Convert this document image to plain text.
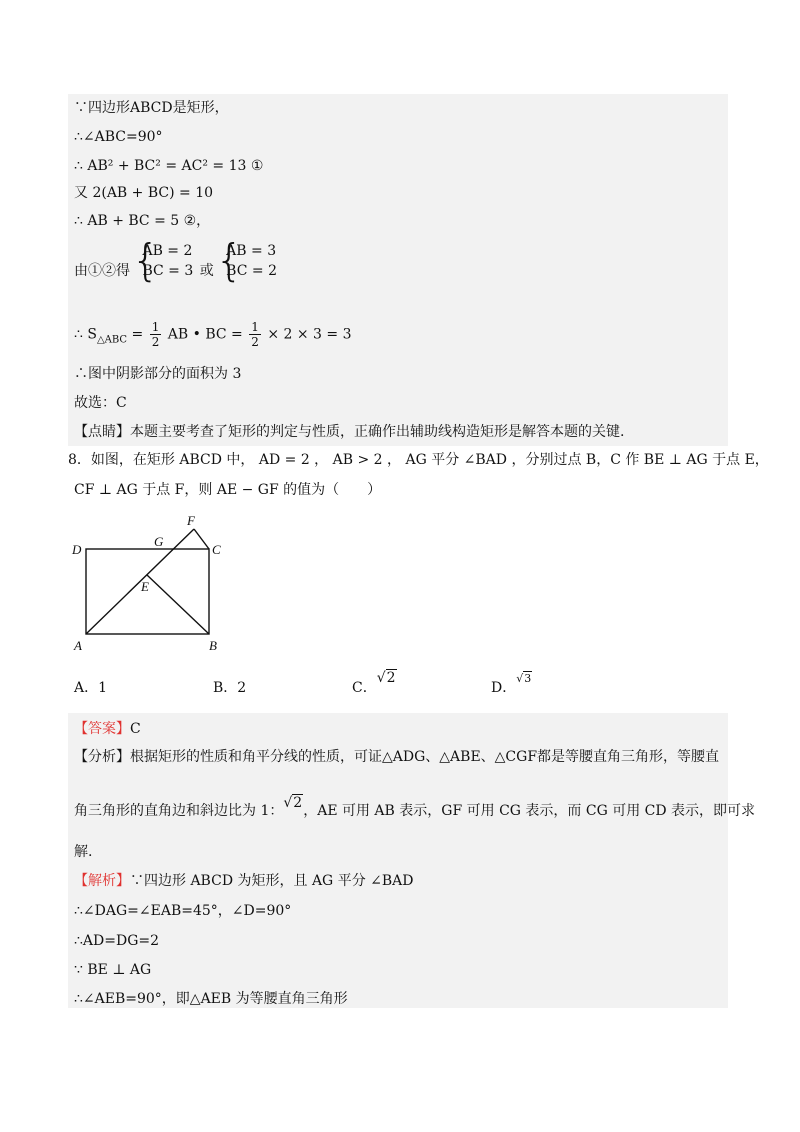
∵四边形ABCD是矩形，
∴∠ABC=90°
∴ AB² + BC² = AC² = 13 ①
又 2(AB + BC) = 10
∴ AB + BC = 5 ②，
由①②得 { AB = 2
BC = 3 或 { AB = 3
BC = 2
∴ $S_{\triangle ABC} = \frac{1}{2}$ AB • BC = $\frac{1}{2} \times 2 \times 3 = 3$
∴图中阴影部分的面积为 3
故选：C
【点睛】本题主要考查了矩形的判定与性质，正确作出辅助线构造矩形是解答本题的关键.
8．如图，在矩形 ABCD 中， AD = 2 ， AB > 2 ， AG 平分 ∠BAD ，分别过点 B，C 作 BE ⊥ AG 于点 E，
CF ⊥ AG 于点 F，则 AE − GF 的值为（　　）
D
G
C
F
E
A	B
A．1	B．2	C．√2
D．√3
【答案】C
【分析】根据矩形的性质和角平分线的性质，可证△ADG、△ABE、△CGF都是等腰直角三角形，等腰直
角三角形的直角边和斜边比为 1：√2，AE 可用 AB 表示，GF 可用 CG 表示，而 CG 可用 CD 表示，即可求
解.
【解析】∵四边形 ABCD 为矩形，且 AG 平分 ∠BAD
∴∠DAG=∠EAB=45°，∠D=90°
∴AD=DG=2
∵ BE ⊥ AG
∴∠AEB=90°，即△AEB 为等腰直角三角形
